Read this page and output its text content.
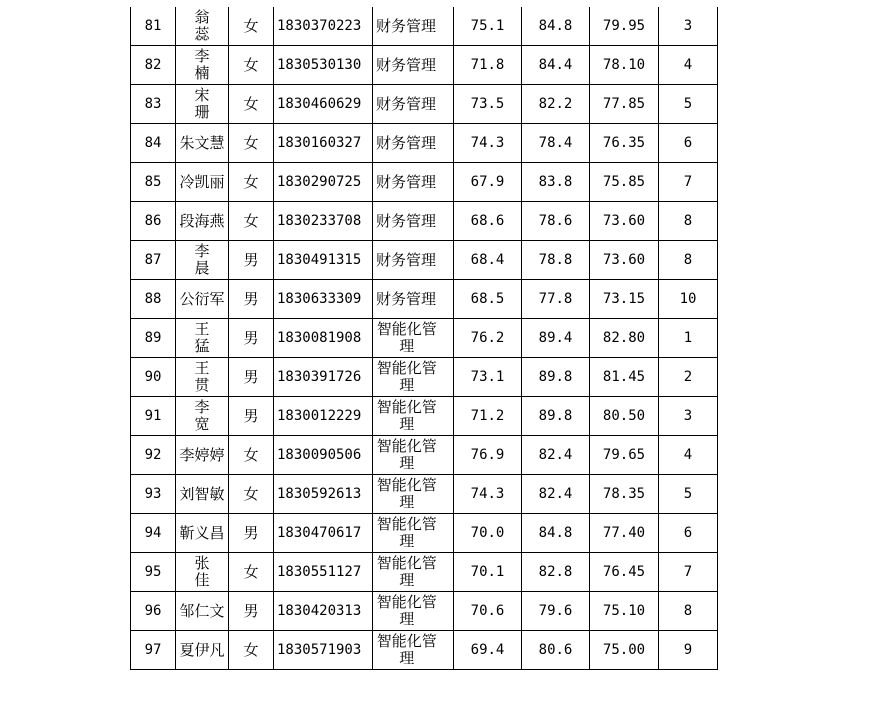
81	翁蕊	女	1830370223	财务管理	75.1	84.8	79.95	3
82	李楠	女	1830530130	财务管理	71.8	84.4	78.10	4
83	宋珊	女	1830460629	财务管理	73.5	82.2	77.85	5
84	朱文慧	女	1830160327	财务管理	74.3	78.4	76.35	6
85	冷凯丽	女	1830290725	财务管理	67.9	83.8	75.85	7
86	段海燕	女	1830233708	财务管理	68.6	78.6	73.60	8
87	李晨	男	1830491315	财务管理	68.4	78.8	73.60	8
88	公衍军	男	1830633309	财务管理	68.5	77.8	73.15	10
89	王猛	男	1830081908	智能化管理	76.2	89.4	82.80	1
90	王贯	男	1830391726	智能化管理	73.1	89.8	81.45	2
91	李宽	男	1830012229	智能化管理	71.2	89.8	80.50	3
92	李婷婷	女	1830090506	智能化管理	76.9	82.4	79.65	4
93	刘智敏	女	1830592613	智能化管理	74.3	82.4	78.35	5
94	靳义昌	男	1830470617	智能化管理	70.0	84.8	77.40	6
95	张佳	女	1830551127	智能化管理	70.1	82.8	76.45	7
96	邹仁文	男	1830420313	智能化管理	70.6	79.6	75.10	8
97	夏伊凡	女	1830571903	智能化管理	69.4	80.6	75.00	9
